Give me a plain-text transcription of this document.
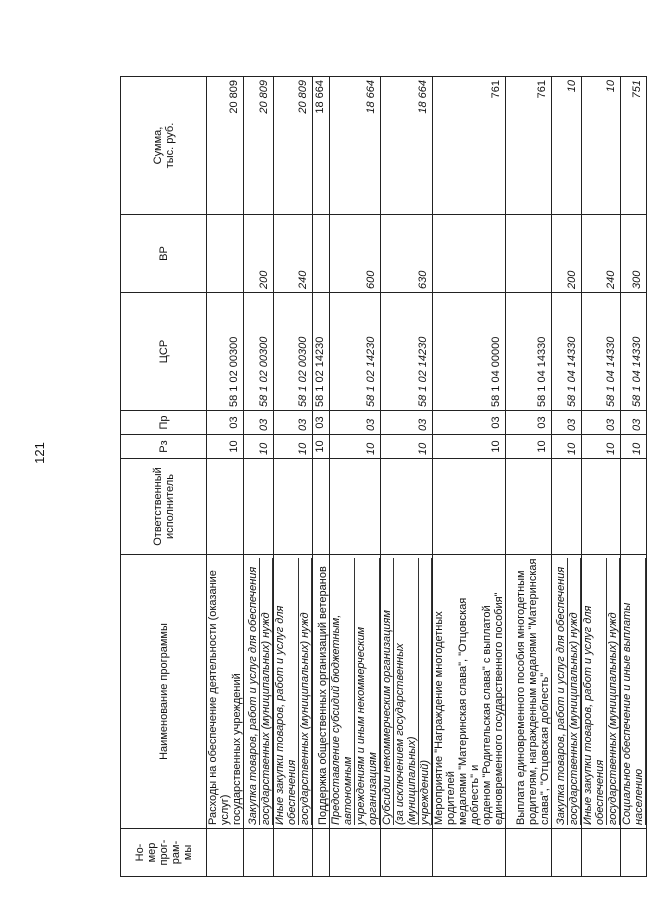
121
Но- мер прог- рам- мы	Наименование программы	Ответственный исполнитель	Рз	Пр	ЦСР	ВР	Сумма, тыс. руб.

	Расходы на обеспечение деятельности (оказание услуг) государственных учреждений		10	03	58 1 02 00300		20 809

	Закупка товаров, работ и услуг для обеспечения государственных (муниципальных) нужд		10	03	58 1 02 00300	200	20 809

	Иные закупки товаров, работ и услуг для обеспечения государственных (муниципальных) нужд		10	03	58 1 02 00300	240	20 809

	Поддержка общественных организаций ветеранов		10	03	58 1 02 14230		18 664

	Предоставление субсидий бюджетным, автономным учреждениям и иным некоммерческим организациям		10	03	58 1 02 14230	600	18 664

	Субсидии некоммерческим организациям (за исключением государственных (муниципальных) учреждений)		10	03	58 1 02 14230	630	18 664

	Мероприятие "Награждение многодетных родителей медалями "Материнская слава", "Отцовская доблесть" и орденом "Родительская слава" с выплатой единовременного государственного пособия"		10	03	58 1 04 00000		761

	Выплата единовременного пособия многодетным родителям, награжденным медалями "Материнская слава", "Отцовская доблесть"		10	03	58 1 04 14330		761

	Закупка товаров, работ и услуг для обеспечения государственных (муниципальных) нужд		10	03	58 1 04 14330	200	10

	Иные закупки товаров, работ и услуг для обеспечения государственных (муниципальных) нужд		10	03	58 1 04 14330	240	10

	Социальное обеспечение и иные выплаты населению		10	03	58 1 04 14330	300	751
